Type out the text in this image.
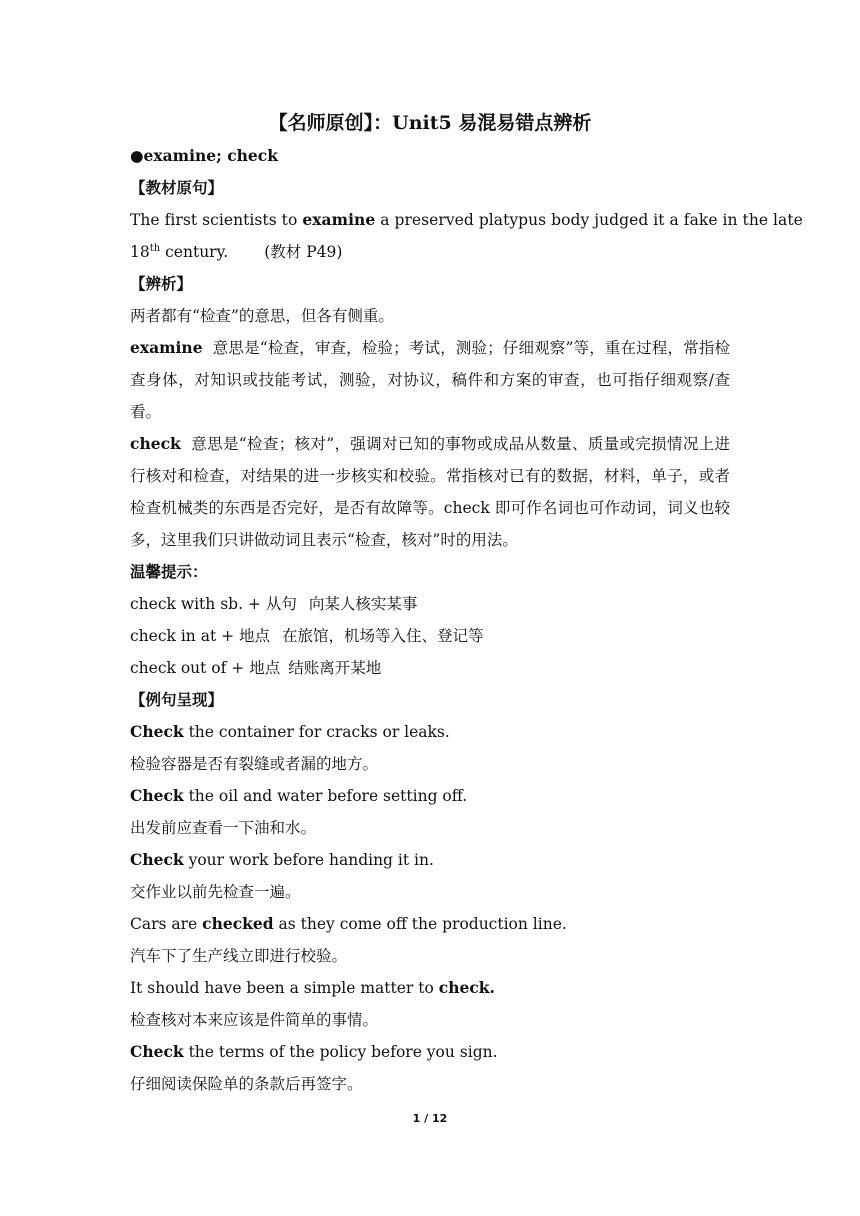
【名师原创】：Unit5 易混易错点辨析
●examine; check
【教材原句】
The first scientists to examine a preserved platypus body judged it a fake in the late
18th century. (教材 P49)
【辨析】
两者都有“检查”的意思，但各有侧重。
examine 意思是“检查，审查，检验；考试，测验；仔细观察”等，重在过程，常指检查身体，对知识或技能考试，测验，对协议，稿件和方案的审查，也可指仔细观察/查看。
check 意思是“检查；核对”，强调对已知的事物或成品从数量、质量或完损情况上进行核对和检查，对结果的进一步核实和校验。常指核对已有的数据，材料，单子，或者检查机械类的东西是否完好，是否有故障等。check 即可作名词也可作动词，词义也较多，这里我们只讲做动词且表示“检查，核对”时的用法。
温馨提示：
check with sb. + 从句 向某人核实某事
check in at + 地点 在旅馆，机场等入住、登记等
check out of + 地点 结账离开某地
【例句呈现】
Check the container for cracks or leaks.
检验容器是否有裂缝或者漏的地方。
Check the oil and water before setting off.
出发前应查看一下油和水。
Check your work before handing it in.
交作业以前先检查一遍。
Cars are checked as they come off the production line.
汽车下了生产线立即进行校验。
It should have been a simple matter to check.
检查核对本来应该是件简单的事情。
Check the terms of the policy before you sign.
仔细阅读保险单的条款后再签字。
1 / 12
